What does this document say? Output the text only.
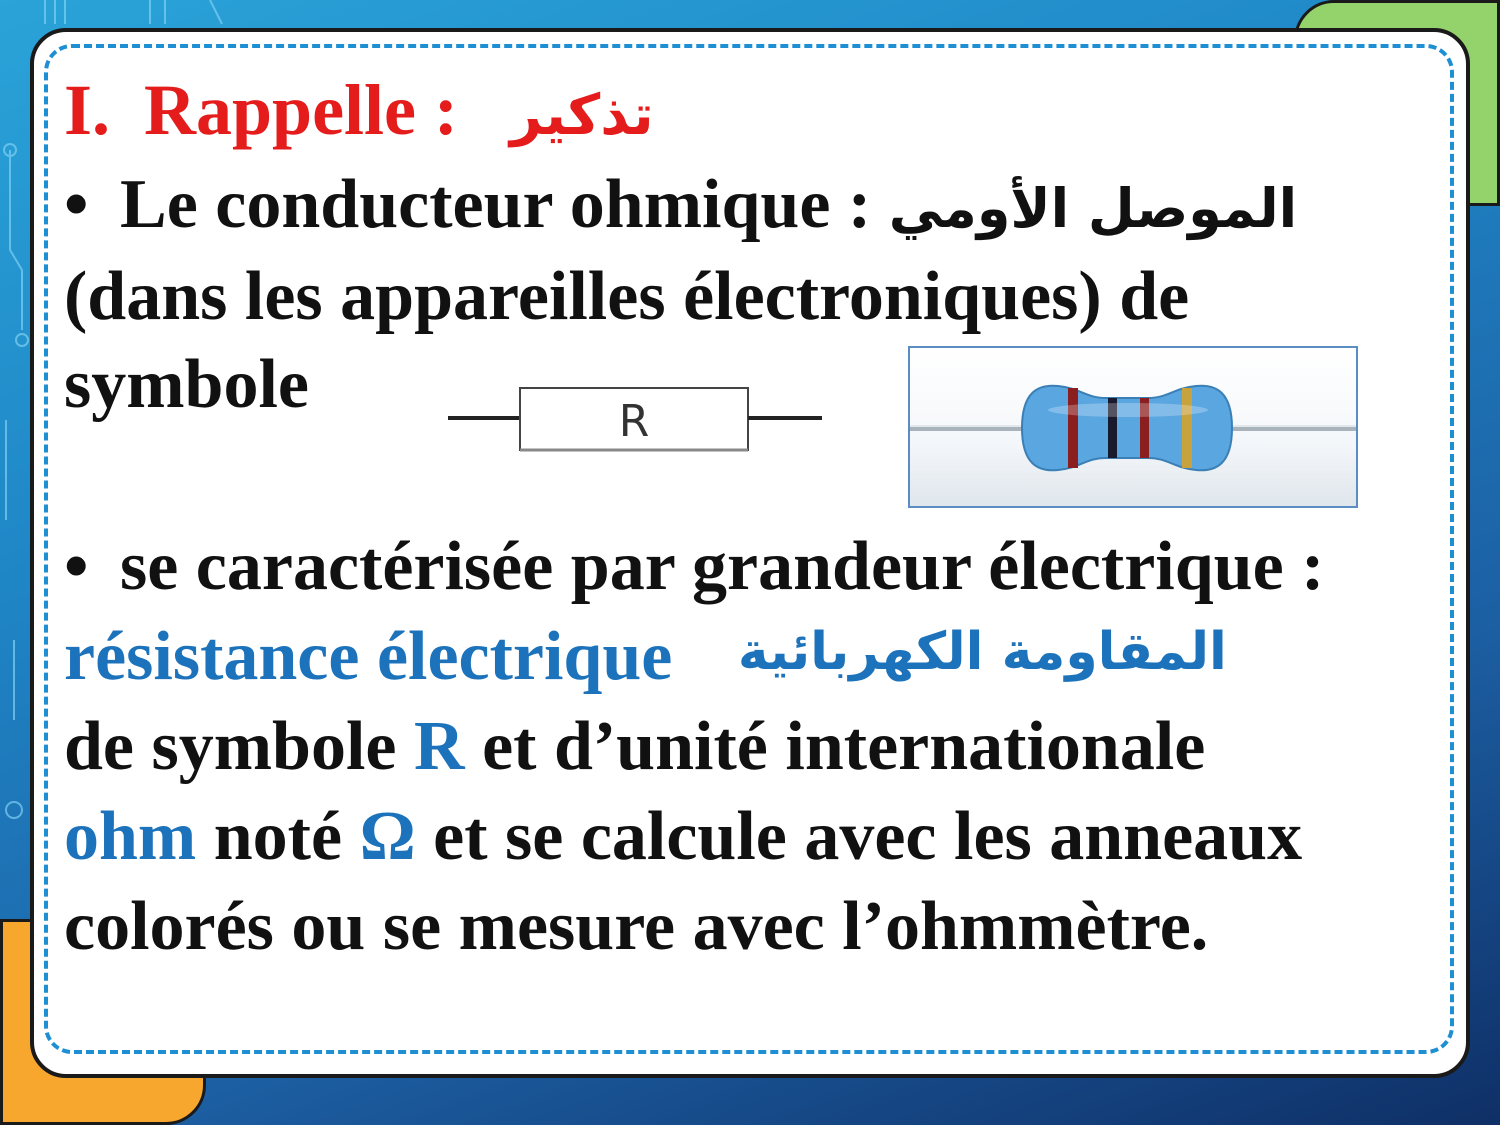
I. Rappelle : تذكير
• Le conducteur ohmique : الموصل الأومي
(dans les appareilles électroniques) de
symbole	R
• se caractérisée par grandeur électrique :
résistance électrique المقاومة الكهربائية
de symbole R et d’unité internationale
ohm noté Ω et se calcule avec les anneaux
colorés ou se mesure avec l’ohmmètre.
